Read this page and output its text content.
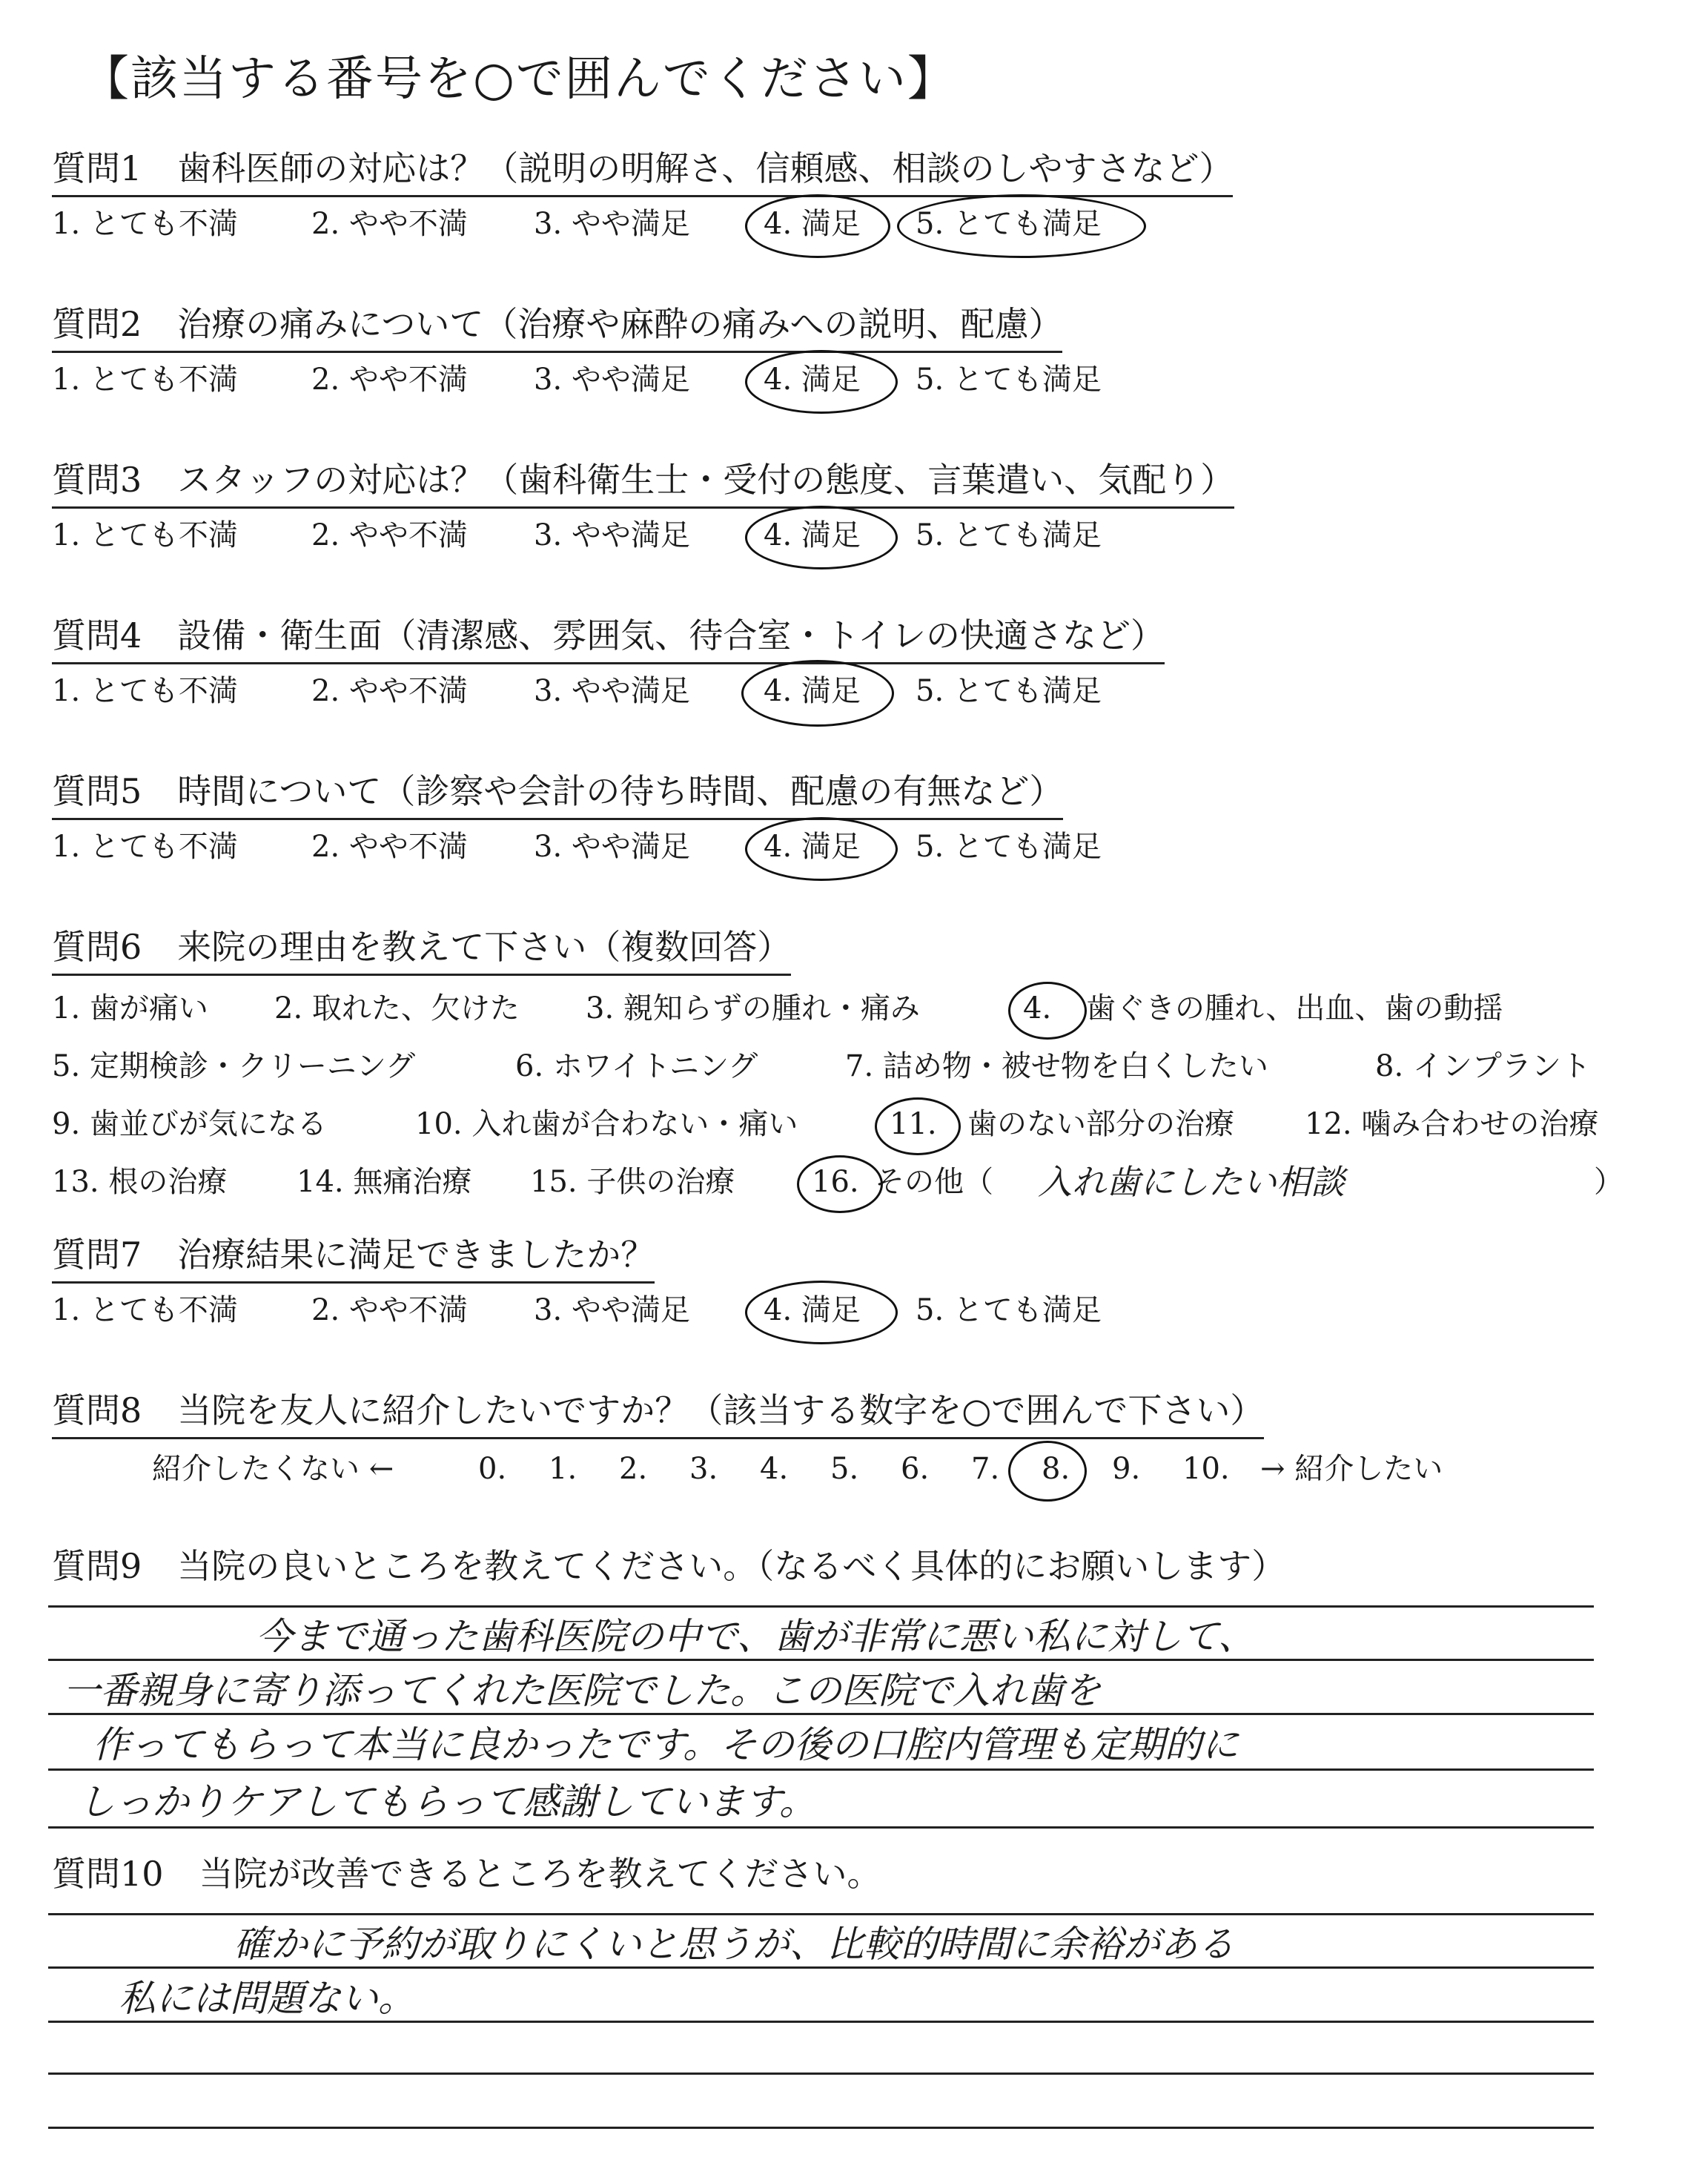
【該当する番号を○で囲んでください】
質問1 歯科医師の対応は？（説明の明解さ、信頼感、相談のしやすさなど）
1. とても不満 2. やや不満 3. やや満足 4. 満足 5. とても満足
質問2 治療の痛みについて（治療や麻酔の痛みへの説明、配慮）
1. とても不満 2. やや不満 3. やや満足 4. 満足 5. とても満足
質問3 スタッフの対応は？（歯科衛生士・受付の態度、言葉遣い、気配り）
1. とても不満 2. やや不満 3. やや満足 4. 満足 5. とても満足
質問4 設備・衛生面（清潔感、雰囲気、待合室・トイレの快適さなど）
1. とても不満 2. やや不満 3. やや満足 4. 満足 5. とても満足
質問5 時間について（診察や会計の待ち時間、配慮の有無など）
1. とても不満 2. やや不満 3. やや満足 4. 満足 5. とても満足
質問6 来院の理由を教えて下さい（複数回答）
1. 歯が痛い 2. 取れた、欠けた 3. 親知らずの腫れ・痛み	4. 歯ぐきの腫れ、出血、歯の動揺
5. 定期検診・クリーニング	6. ホワイトニング	7. 詰め物・被せ物を白くしたい	8. インプラント
9. 歯並びが気になる	10. 入れ歯が合わない・痛い	11. 歯のない部分の治療 12. 噛み合わせの治療
13. 根の治療 14. 無痛治療 15. 子供の治療	16. その他（ 入れ歯にしたい相談	）
質問7 治療結果に満足できましたか？
1. とても不満 2. やや不満 3. やや満足 4. 満足 5. とても満足
質問8 当院を友人に紹介したいですか？（該当する数字を○で囲んで下さい）
紹介したくない ←	0. 1. 2. 3. 4. 5. 6. 7. 8. 9. 10. → 紹介したい
質問9 当院の良いところを教えてください。（なるべく具体的にお願いします）
今まで通った歯科医院の中で、歯が非常に悪い私に対して、
一番親身に寄り添ってくれた医院でした。この医院で入れ歯を
作ってもらって本当に良かったです。その後の口腔内管理も定期的に
しっかりケアしてもらって感謝しています。
質問10 当院が改善できるところを教えてください。
確かに予約が取りにくいと思うが、比較的時間に余裕がある
私には問題ない。
